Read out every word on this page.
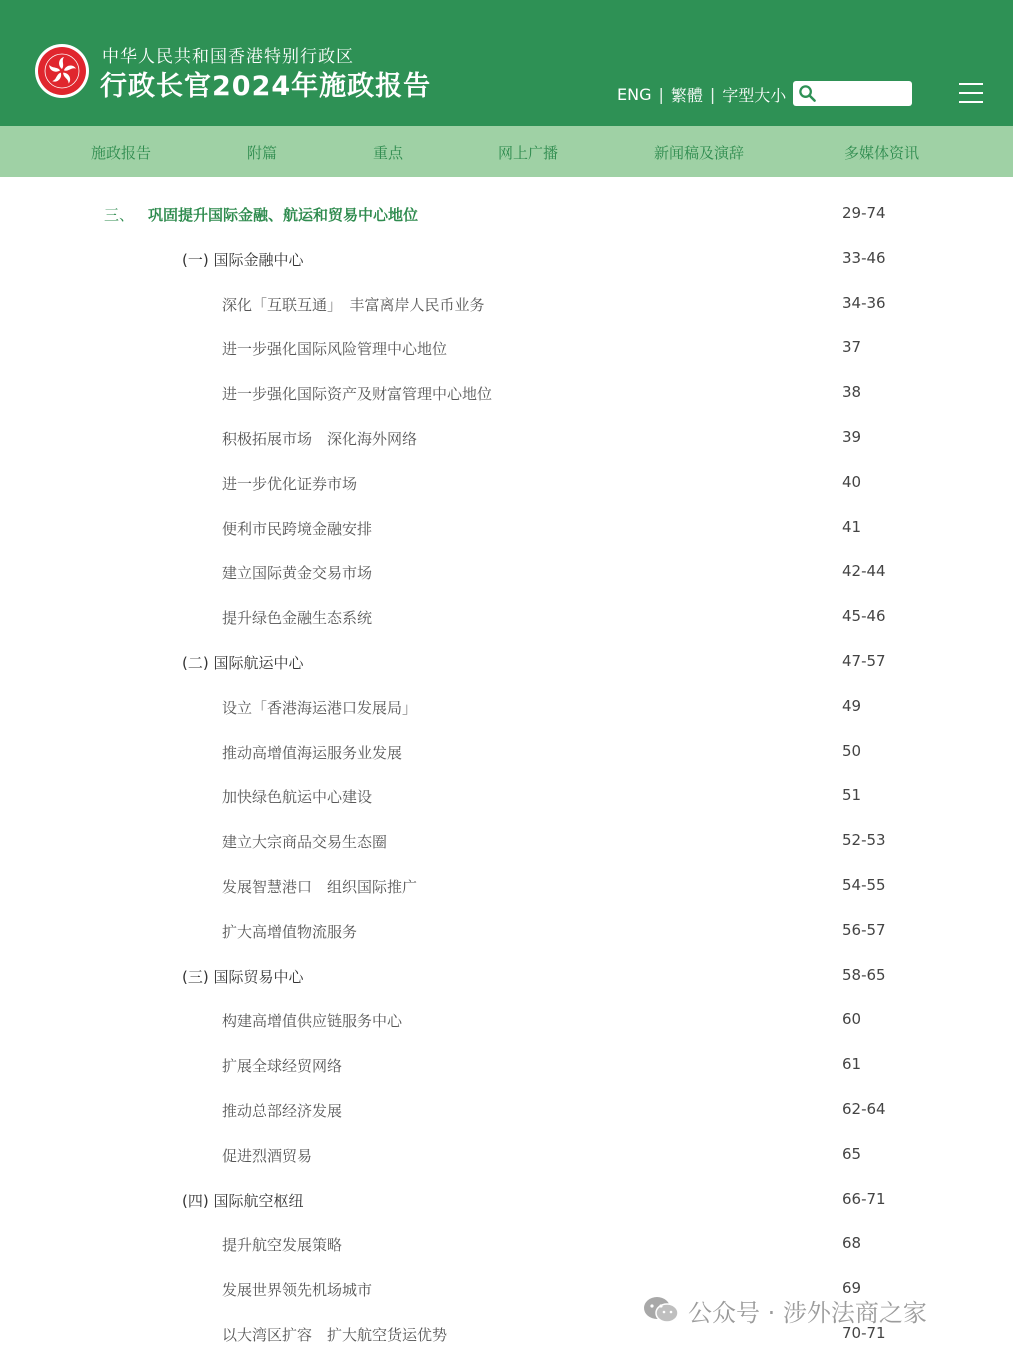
中华人民共和国香港特别行政区
行政长官2024年施政报告	ENG | 繁體 | 字型大小
施政报告	附篇	重点	网上广播	新闻稿及演辞	多媒体资讯
三、 巩固提升国际金融、航运和贸易中心地位	29-74
(一) 国际金融中心	33-46
深化「互联互通」　丰富离岸人民币业务	34-36
进一步强化国际风险管理中心地位	37
进一步强化国际资产及财富管理中心地位	38
积极拓展市场　深化海外网络	39
进一步优化证券市场	40
便利市民跨境金融安排	41
建立国际黄金交易市场	42-44
提升绿色金融生态系统	45-46
(二) 国际航运中心	47-57
设立「香港海运港口发展局」	49
推动高增值海运服务业发展	50
加快绿色航运中心建设	51
建立大宗商品交易生态圈	52-53
发展智慧港口　组织国际推广	54-55
扩大高增值物流服务	56-57
(三) 国际贸易中心	58-65
构建高增值供应链服务中心	60
扩展全球经贸网络	61
推动总部经济发展	62-64
促进烈酒贸易	65
(四) 国际航空枢纽	66-71
提升航空发展策略	68
发展世界领先机场城市	69
以大湾区扩容　扩大航空货运优势	70-71
公众号 · 涉外法商之家
